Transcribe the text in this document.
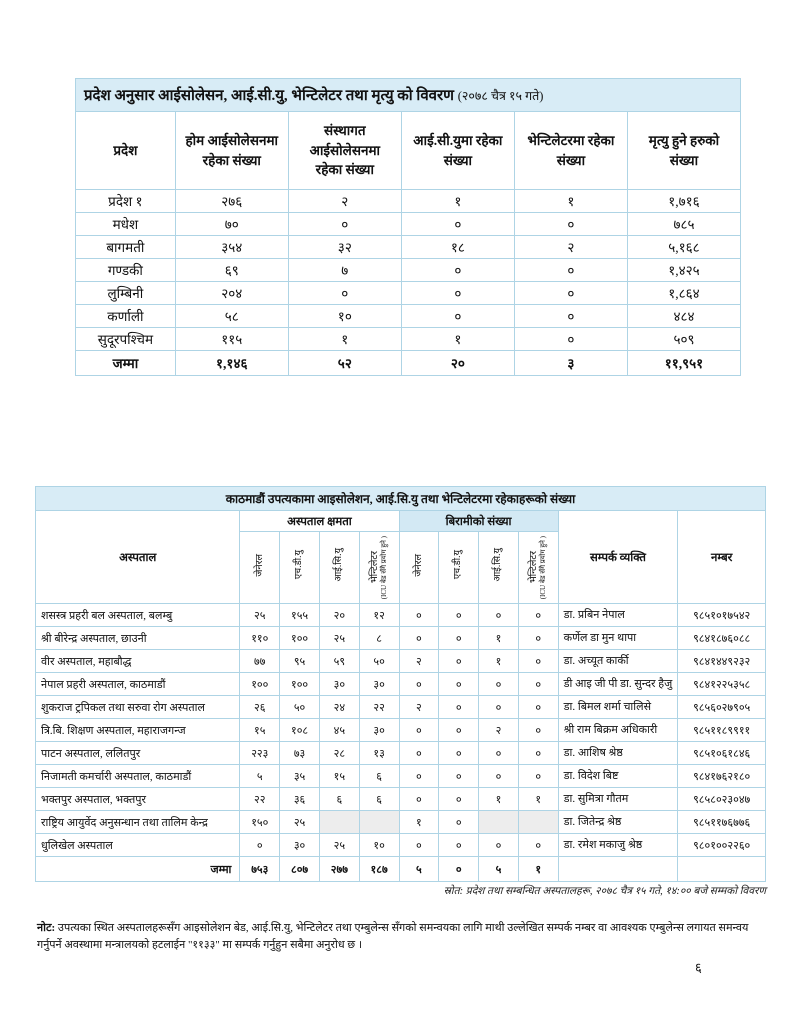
प्रदेश अनुसार आईसोलेसन, आई.सी.यु, भेन्टिलेटर तथा मृत्यु को विवरण (२०७८ चैत्र १५ गते)					
प्रदेश	होम आईसोलेसनमा रहेका संख्या	संस्थागत आईसोलेसनमा रहेका संख्या	आई.सी.युमा रहेका संख्या	भेन्टिलेटरमा रहेका संख्या	मृत्यु हुने हरुको संख्या
प्रदेश १	२७६	२	१	१	१,७१६
मधेश	७०	०	०	०	७८५
बागमती	३५४	३२	१८	२	५,१६८
गण्डकी	६९	७	०	०	१,४२५
लुम्बिनी	२०४	०	०	०	१,८६४
कर्णाली	५८	१०	०	०	४८४
सुदूरपश्चिम	११५	१	१	०	५०९
जम्मा	१,१४६	५२	२०	३	११,९५१
काठमाडौं उपत्यकामा आइसोलेशन, आई.सि.यु तथा भेन्टिलेटरमा रहेकाहरूको संख्या										
अस्पताल	अस्पताल क्षमता				बिरामीको संख्या				सम्पर्क व्यक्ति	नम्बर
	जेनेरल	एच.डी.यु	आई.सि.यु	भेन्टिलेटर (ICU बेड सँगै प्रयोग हुने )	जेनेरल	एच.डी.यु	आई.सि.यु	भेन्टिलेटर (ICU बेड सँगै प्रयोग हुने )		

शसस्त्र प्रहरी बल अस्पताल, बलम्बु	२५	१५५	२०	१२	०	०	०	०	डा. प्रबिन नेपाल	९८५१०१७५४२
श्री बीरेन्द्र अस्पताल, छाउनी	११०	१००	२५	८	०	०	१	०	कर्णेल डा मुन थापा	९८४१८७६०८८
वीर अस्पताल, महाबौद्ध	७७	९५	५९	५०	२	०	१	०	डा. अच्यूत कार्की	९८४१४४९२३२
नेपाल प्रहरी अस्पताल, काठमाडौं	१००	१००	३०	३०	०	०	०	०	डी आइ जी पी डा. सुन्दर हैजु	९८४१२२५३५८
शुकराज ट्रपिकल तथा सरुवा रोग अस्पताल	२६	५०	२४	२२	२	०	०	०	डा. बिमल शर्मा चालिसे	९८५६०२७९०५
त्रि.बि. शिक्षण अस्पताल, महाराजगन्ज	१५	१०८	४५	३०	०	०	२	०	श्री राम बिक्रम अधिकारी	९८५११८९९११
पाटन अस्पताल, ललितपुर	२२३	७३	२८	१३	०	०	०	०	डा. आशिष श्रेष्ठ	९८५१०६१८४६
निजामती कमर्चारी अस्पताल, काठमाडौं	५	३५	१५	६	०	०	०	०	डा. विदेश बिष्ट	९८४१७६२१८०
भक्तपुर अस्पताल, भक्तपुर	२२	३६	६	६	०	०	१	१	डा. सुमित्रा गौतम	९८५८०२३०४७
राष्ट्रिय आयुर्वेद अनुसन्धान तथा तालिम केन्द्र	१५०	२५			१	०			डा. जितेन्द्र श्रेष्ठ	९८५११७६७७६
धुलिखेल अस्पताल	०	३०	२५	१०	०	०	०	०	डा. रमेश मकाजु श्रेष्ठ	९८०१००२२६०
जम्मा	७५३	८०७	२७७	१८७	५	०	५	१		
स्रोत: प्रदेश तथा सम्बन्धित अस्पतालहरू, २०७८ चैत्र १५ गते, १४:०० बजे सम्मको विवरण
नोट: उपत्यका स्थित अस्पतालहरूसँग आइसोलेशन बेड, आई.सि.यु, भेन्टिलेटर तथा एम्बुलेन्स सँगको समन्वयका लागि माथी उल्लेखित सम्पर्क नम्बर वा आवश्यक एम्बुलेन्स लगायत समन्वय गर्नुपर्ने अवस्थामा मन्त्रालयको हटलाईन "११३३" मा सम्पर्क गर्नुहुन सबैमा अनुरोध छ ।
६
